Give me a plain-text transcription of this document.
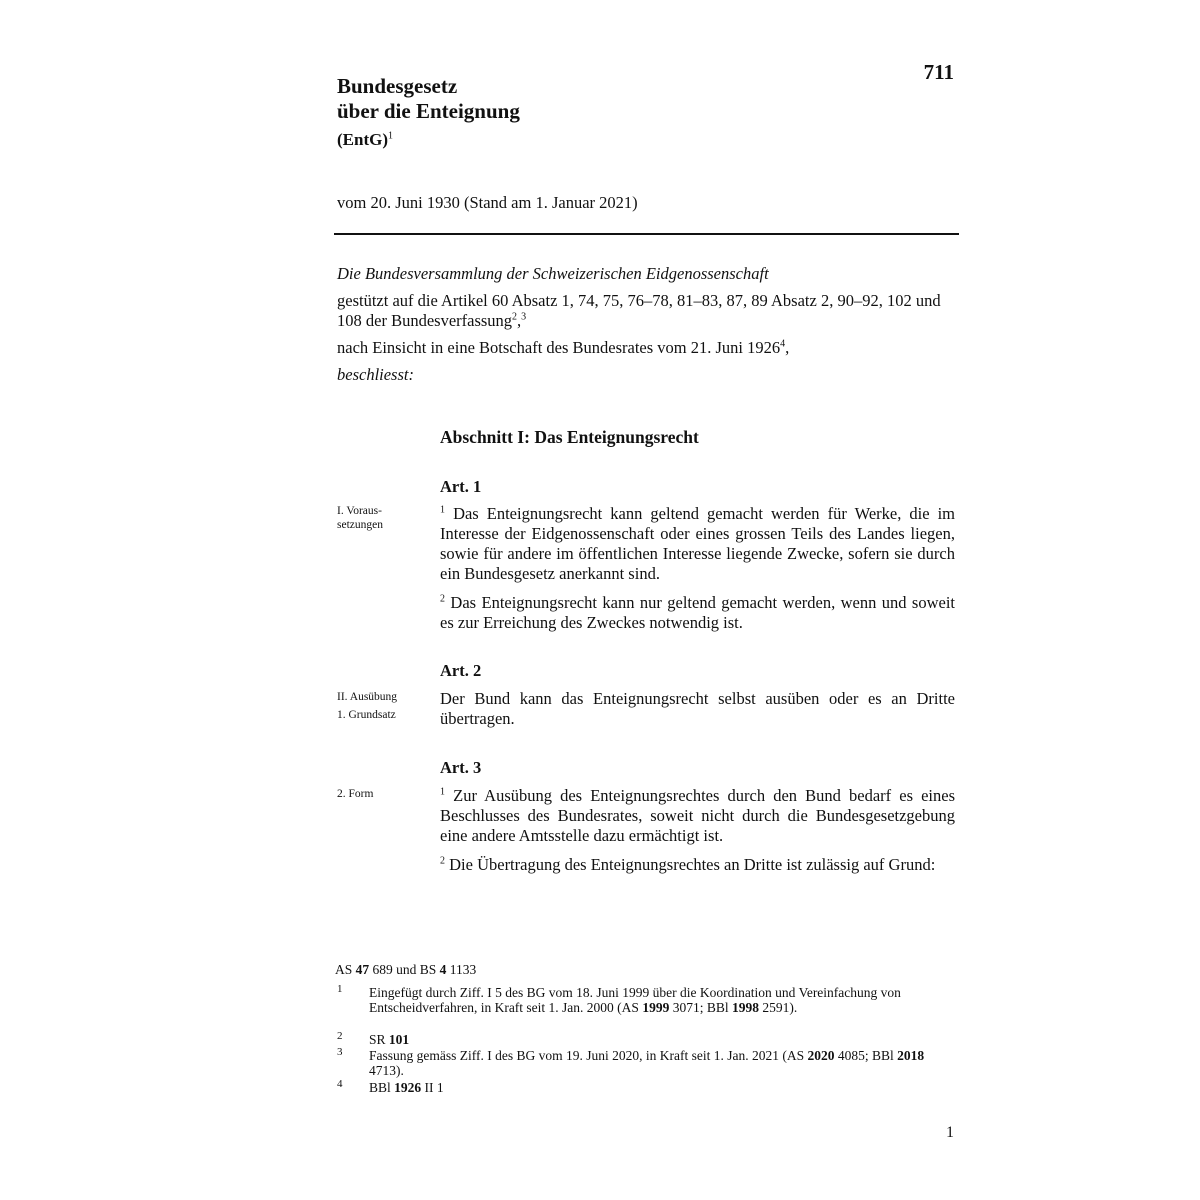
711
Bundesgesetz
über die Enteignung
(EntG)$^1$
vom 20. Juni 1930 (Stand am 1. Januar 2021)
Die Bundesversammlung der Schweizerischen Eidgenossenschaft
gestützt auf die Artikel 60 Absatz 1, 74, 75, 76–78, 81–83, 87, 89 Absatz 2, 90–92, 102 und 108 der Bundesverfassung$^2$,$^3$
nach Einsicht in eine Botschaft des Bundesrates vom 21. Juni 1926$^4$,
beschliesst:
Abschnitt I: Das Enteignungsrecht
Art. 1
I. Voraus-
setzungen
$^1$ Das Enteignungsrecht kann geltend gemacht werden für Werke, die im Interesse der Eidgenossenschaft oder eines grossen Teils des Landes liegen, sowie für andere im öffentlichen Interesse liegende Zwecke, sofern sie durch ein Bundesgesetz anerkannt sind.
$^2$ Das Enteignungsrecht kann nur geltend gemacht werden, wenn und soweit es zur Erreichung des Zweckes notwendig ist.
Art. 2
II. Ausübung
1. Grundsatz
Der Bund kann das Enteignungsrecht selbst ausüben oder es an Dritte übertragen.
Art. 3
2. Form	$^1$ Zur Ausübung des Enteignungsrechtes durch den Bund bedarf es eines Beschlusses des Bundesrates, soweit nicht durch die Bundesgesetzgebung eine andere Amtsstelle dazu ermächtigt ist.
$^2$ Die Übertragung des Enteignungsrechtes an Dritte ist zulässig auf Grund:
AS 47 689 und BS 4 1133
1	Eingefügt durch Ziff. I 5 des BG vom 18. Juni 1999 über die Koordination und Vereinfachung von Entscheidverfahren, in Kraft seit 1. Jan. 2000 (AS 1999 3071; BBl 1998 2591).
2	SR 101
3	Fassung gemäss Ziff. I des BG vom 19. Juni 2020, in Kraft seit 1. Jan. 2021 (AS 2020 4085; BBl 2018 4713).
4	BBl 1926 II 1
1
